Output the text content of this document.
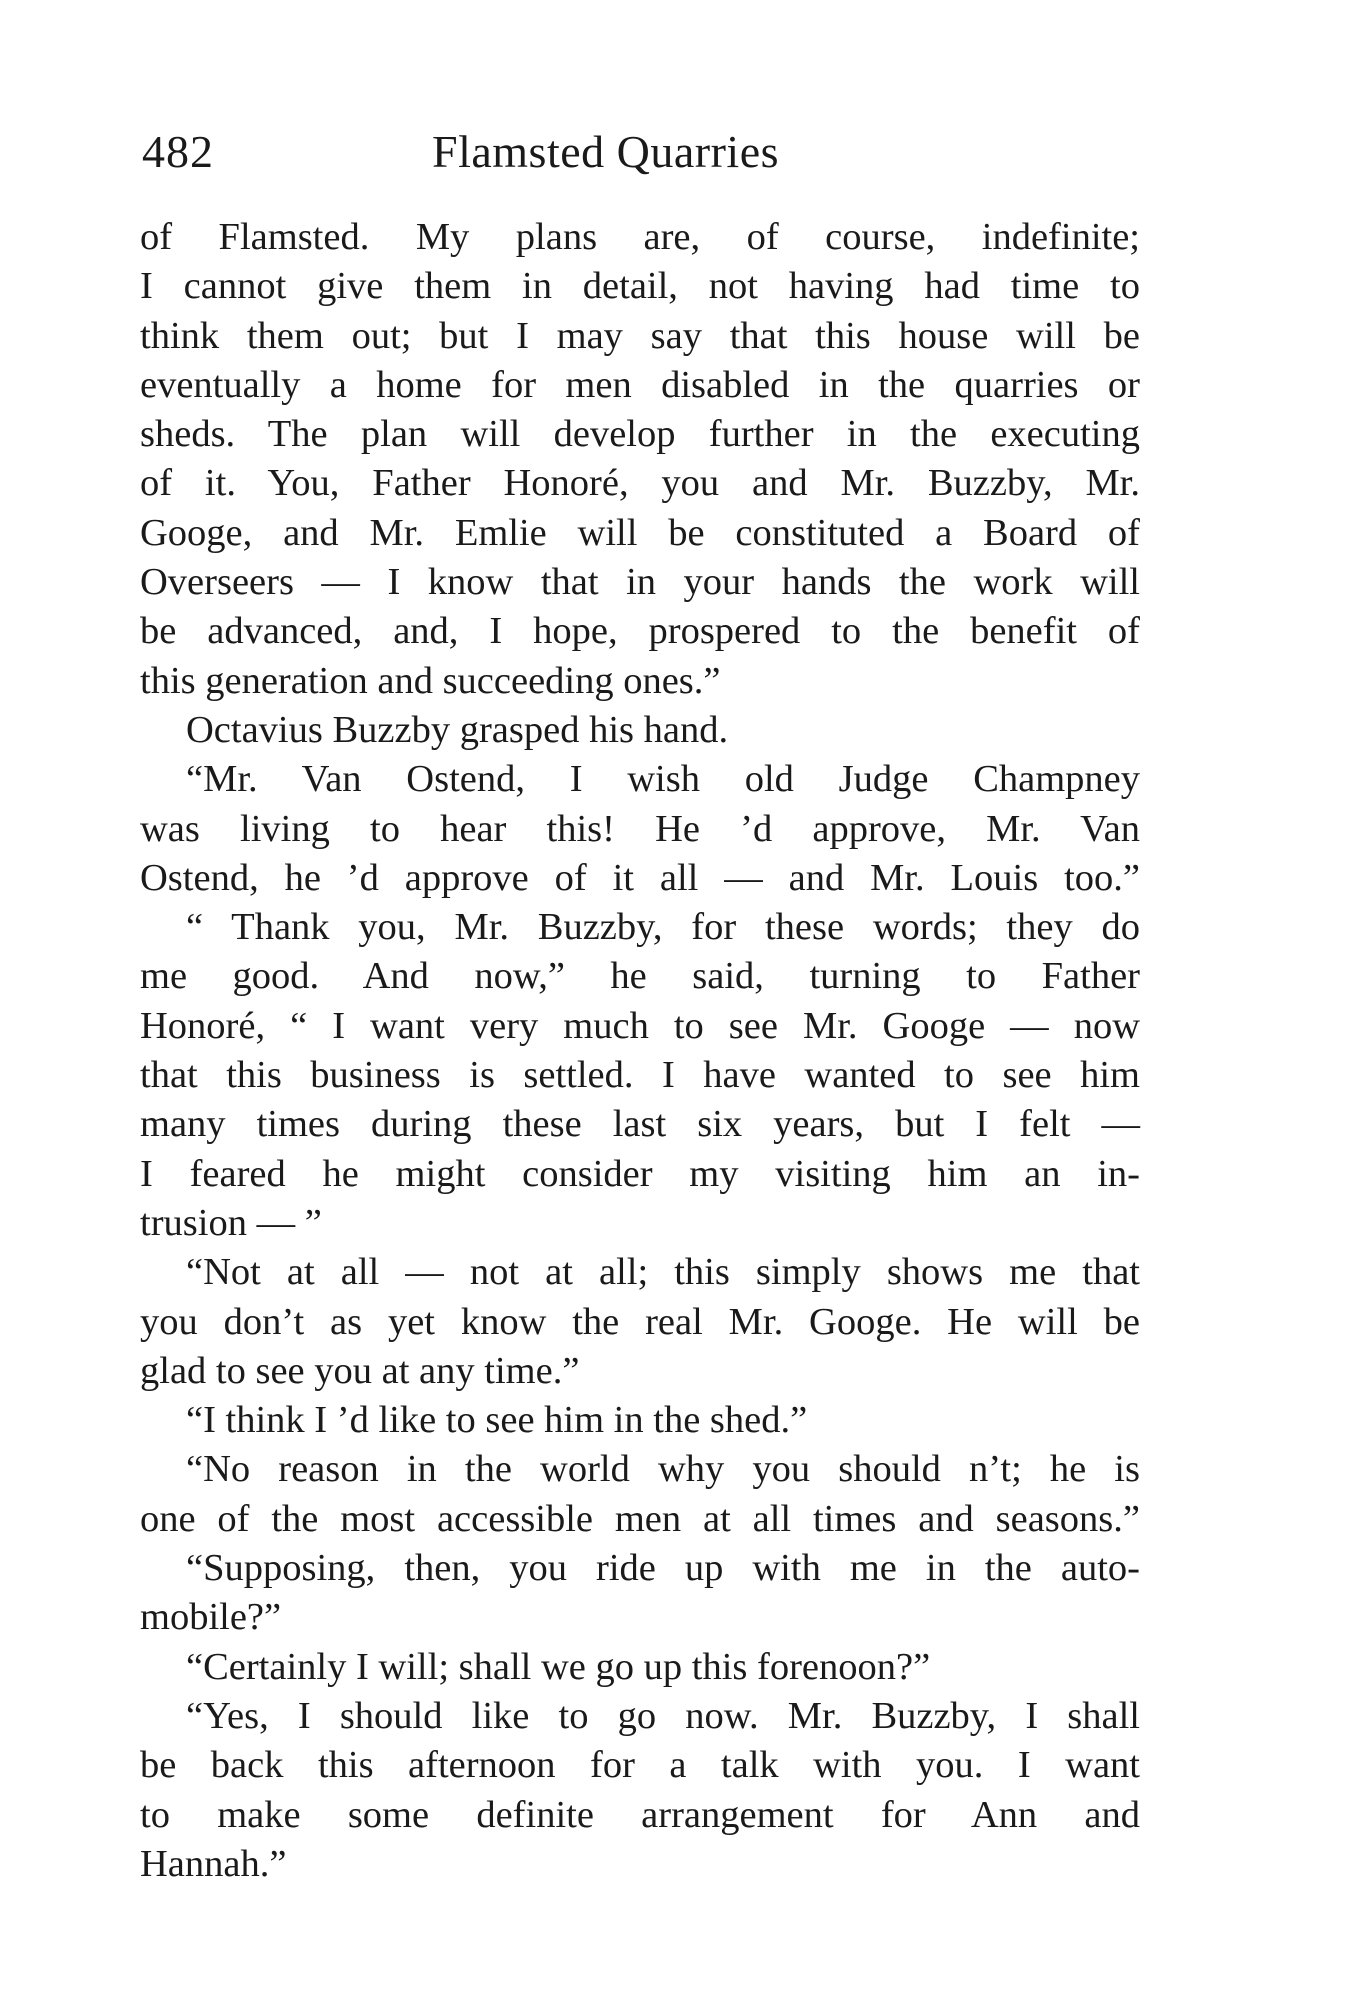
482	Flamsted Quarries
of Flamsted. My plans are, of course, indefinite;
I cannot give them in detail, not having had time to
think them out; but I may say that this house will be
eventually a home for men disabled in the quarries or
sheds. The plan will develop further in the executing
of it. You, Father Honoré, you and Mr. Buzzby, Mr.
Googe, and Mr. Emlie will be constituted a Board of
Overseers — I know that in your hands the work will
be advanced, and, I hope, prospered to the benefit of
this generation and succeeding ones.”
Octavius Buzzby grasped his hand.
“Mr. Van Ostend, I wish old Judge Champney
was living to hear this! He ’d approve, Mr. Van
Ostend, he ’d approve of it all — and Mr. Louis too.”
“ Thank you, Mr. Buzzby, for these words; they do
me good. And now,” he said, turning to Father
Honoré, “ I want very much to see Mr. Googe — now
that this business is settled. I have wanted to see him
many times during these last six years, but I felt —
I feared he might consider my visiting him an in-
trusion — ”
“Not at all — not at all; this simply shows me that
you don’t as yet know the real Mr. Googe. He will be
glad to see you at any time.”
“I think I ’d like to see him in the shed.”
“No reason in the world why you should n’t; he is
one of the most accessible men at all times and seasons.”
“Supposing, then, you ride up with me in the auto-
mobile?”
“Certainly I will; shall we go up this forenoon?”
“Yes, I should like to go now. Mr. Buzzby, I shall
be back this afternoon for a talk with you. I want
to make some definite arrangement for Ann and
Hannah.”
